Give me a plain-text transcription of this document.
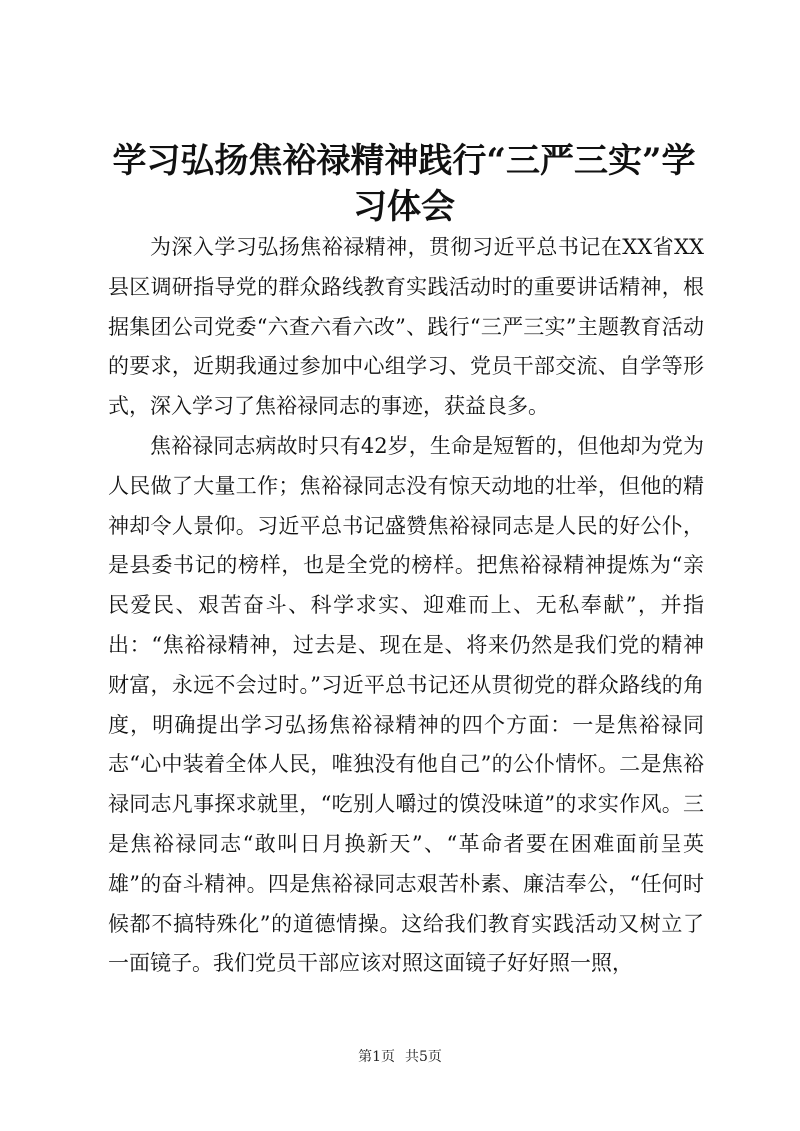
学习弘扬焦裕禄精神践行“三严三实”学习体会

为深入学习弘扬焦裕禄精神，贯彻习近平总书记在XX省XX县区调研指导党的群众路线教育实践活动时的重要讲话精神，根据集团公司党委“六查六看六改”、践行“三严三实”主题教育活动的要求，近期我通过参加中心组学习、党员干部交流、自学等形式，深入学习了焦裕禄同志的事迹，获益良多。

焦裕禄同志病故时只有42岁，生命是短暂的，但他却为党为人民做了大量工作；焦裕禄同志没有惊天动地的壮举，但他的精神却令人景仰。习近平总书记盛赞焦裕禄同志是人民的好公仆，是县委书记的榜样，也是全党的榜样。把焦裕禄精神提炼为“亲民爱民、艰苦奋斗、科学求实、迎难而上、无私奉献”，并指出：“焦裕禄精神，过去是、现在是、将来仍然是我们党的精神财富，永远不会过时。”习近平总书记还从贯彻党的群众路线的角度，明确提出学习弘扬焦裕禄精神的四个方面：一是焦裕禄同志“心中装着全体人民，唯独没有他自己”的公仆情怀。二是焦裕禄同志凡事探求就里，“吃别人嚼过的馍没味道”的求实作风。三是焦裕禄同志“敢叫日月换新天”、“革命者要在困难面前呈英雄”的奋斗精神。四是焦裕禄同志艰苦朴素、廉洁奉公，“任何时候都不搞特殊化”的道德情操。这给我们教育实践活动又树立了一面镜子。我们党员干部应该对照这面镜子好好照一照，

第1页 共5页
